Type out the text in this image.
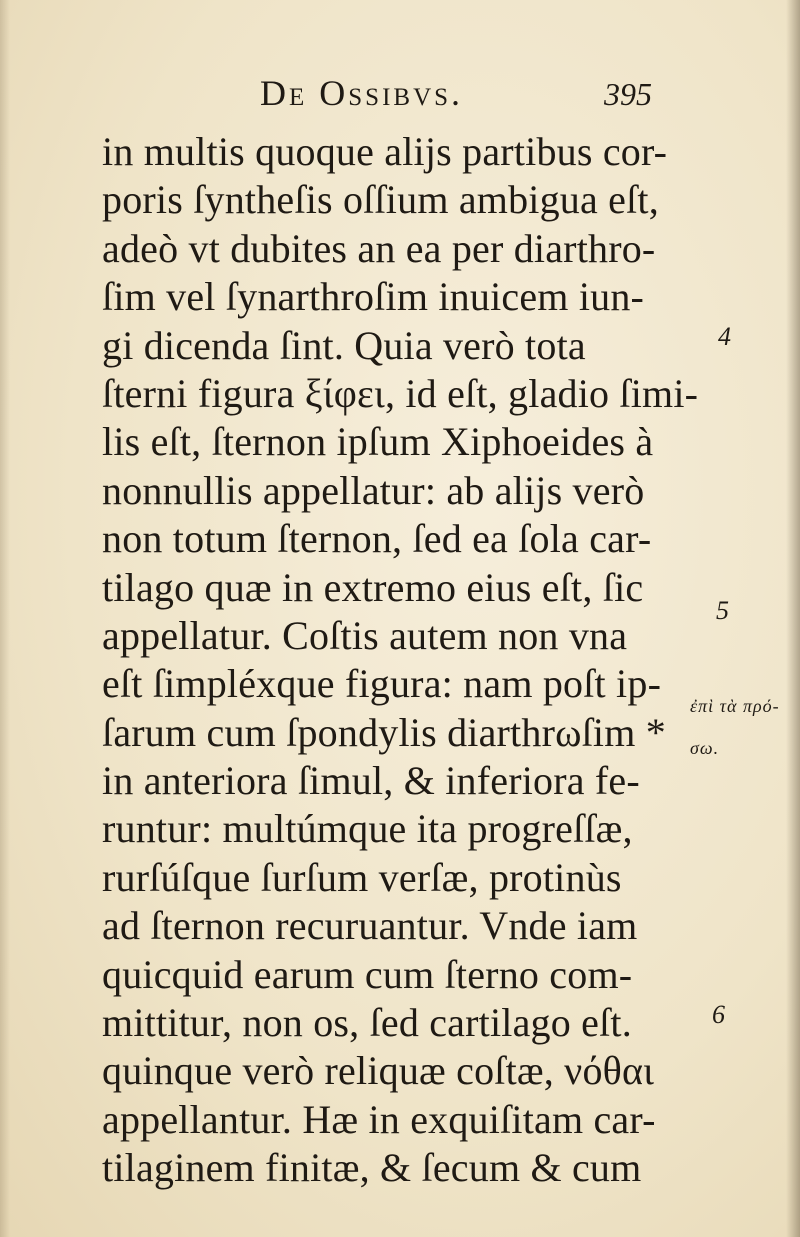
De Ossibvs.	395
in multis quoque alijs partibus cor-
poris ſyntheſis oſſium ambigua eſt,
adeò vt dubites an ea per diarthro-
ſim vel ſynarthroſim inuicem iun-
gi dicenda ſint. Quia verò tota
ſterni figura ξίφει, id eſt, gladio ſimi-
lis eſt, ſternon ipſum Xiphoeides à
nonnullis appellatur: ab alijs verò
non totum ſternon, ſed ea ſola car-
tilago quæ in extremo eius eſt, ſic
appellatur. Coſtis autem non vna
eſt ſimpléxque figura: nam poſt ip-
ſarum cum ſpondylis diarthrωſim *
in anteriora ſimul, & inferiora fe-
runtur: multúmque ita progreſſæ,
rurſúſque ſurſum verſæ, protinùs
ad ſternon recuruantur. Vnde iam
quicquid earum cum ſterno com-
mittitur, non os, ſed cartilago eſt.
quinque verò reliquæ coſtæ, νόθαι
appellantur. Hæ in exquiſitam car-
tilaginem finitæ, & ſecum & cum
4
5
ἐπὶ τὰ πρό-
σω.
6
